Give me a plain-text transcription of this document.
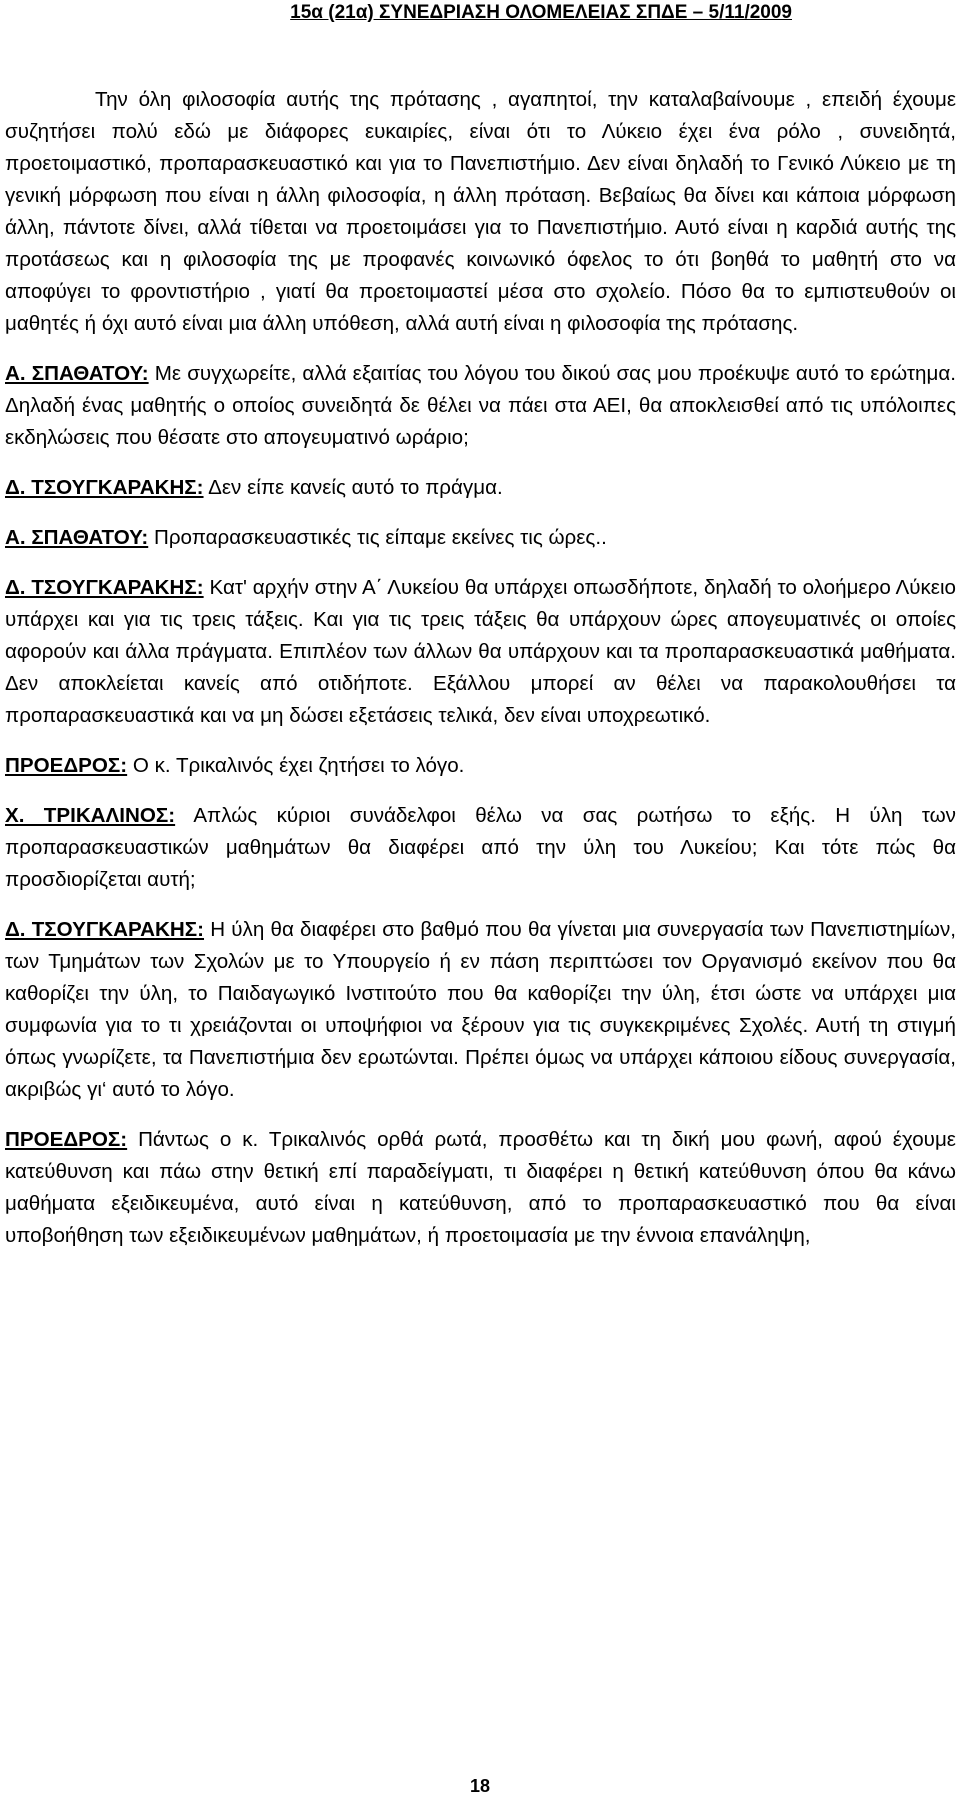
15α (21α) ΣΥΝΕΔΡΙΑΣΗ ΟΛΟΜΕΛΕΙΑΣ ΣΠΔΕ – 5/11/2009

Την όλη φιλοσοφία αυτής της πρότασης , αγαπητοί, την καταλαβαίνουμε , επειδή έχουμε συζητήσει πολύ εδώ με διάφορες ευκαιρίες, είναι ότι το Λύκειο έχει ένα ρόλο , συνειδητά, προετοιμαστικό, προπαρασκευαστικό και για το Πανεπιστήμιο. Δεν είναι δηλαδή το Γενικό Λύκειο με τη γενική μόρφωση που είναι η άλλη φιλοσοφία, η άλλη πρόταση. Βεβαίως θα δίνει και κάποια μόρφωση άλλη, πάντοτε δίνει, αλλά τίθεται να προετοιμάσει για το Πανεπιστήμιο. Αυτό είναι η καρδιά αυτής της προτάσεως και η φιλοσοφία της με προφανές κοινωνικό όφελος το ότι βοηθά το μαθητή στο να αποφύγει το φροντιστήριο , γιατί θα προετοιμαστεί μέσα στο σχολείο. Πόσο θα το εμπιστευθούν οι μαθητές ή όχι αυτό είναι μια άλλη υπόθεση, αλλά αυτή είναι η φιλοσοφία της πρότασης.

Α. ΣΠΑΘΑΤΟΥ: Με συγχωρείτε, αλλά εξαιτίας του λόγου του δικού σας μου προέκυψε αυτό το ερώτημα. Δηλαδή ένας μαθητής ο οποίος συνειδητά δε θέλει να πάει στα ΑΕΙ, θα αποκλεισθεί από τις υπόλοιπες εκδηλώσεις που θέσατε στο απογευματινό ωράριο;

Δ. ΤΣΟΥΓΚΑΡΑΚΗΣ: Δεν είπε κανείς αυτό το πράγμα.

Α. ΣΠΑΘΑΤΟΥ: Προπαρασκευαστικές τις είπαμε εκείνες τις ώρες..

Δ. ΤΣΟΥΓΚΑΡΑΚΗΣ: Κατ' αρχήν στην Α΄ Λυκείου θα υπάρχει οπωσδήποτε, δηλαδή το ολοήμερο Λύκειο υπάρχει και για τις τρεις τάξεις. Και για τις τρεις τάξεις θα υπάρχουν ώρες απογευματινές οι οποίες αφορούν και άλλα πράγματα. Επιπλέον των άλλων θα υπάρχουν και τα προπαρασκευαστικά μαθήματα. Δεν αποκλείεται κανείς από οτιδήποτε. Εξάλλου μπορεί αν θέλει να παρακολουθήσει τα προπαρασκευαστικά και να μη δώσει εξετάσεις τελικά, δεν είναι υποχρεωτικό.

ΠΡΟΕΔΡΟΣ: Ο κ. Τρικαλινός έχει ζητήσει το λόγο.

Χ. ΤΡΙΚΑΛΙΝΟΣ: Απλώς κύριοι συνάδελφοι θέλω να σας ρωτήσω το εξής. Η ύλη των προπαρασκευαστικών μαθημάτων θα διαφέρει από την ύλη του Λυκείου; Και τότε πώς θα προσδιορίζεται αυτή;

Δ. ΤΣΟΥΓΚΑΡΑΚΗΣ: Η ύλη θα διαφέρει στο βαθμό που θα γίνεται μια συνεργασία των Πανεπιστημίων, των Τμημάτων των Σχολών με το Υπουργείο ή εν πάση περιπτώσει τον Οργανισμό εκείνον που θα καθορίζει την ύλη, το Παιδαγωγικό Ινστιτούτο που θα καθορίζει την ύλη, έτσι ώστε να υπάρχει μια συμφωνία για το τι χρειάζονται οι υποψήφιοι να ξέρουν για τις συγκεκριμένες Σχολές. Αυτή τη στιγμή όπως γνωρίζετε, τα Πανεπιστήμια δεν ερωτώνται. Πρέπει όμως να υπάρχει κάποιου είδους συνεργασία, ακριβώς γι‘ αυτό το λόγο.

ΠΡΟΕΔΡΟΣ: Πάντως ο κ. Τρικαλινός ορθά ρωτά, προσθέτω και τη δική μου φωνή, αφού έχουμε κατεύθυνση και πάω στην θετική επί παραδείγματι, τι διαφέρει η θετική κατεύθυνση όπου θα κάνω μαθήματα εξειδικευμένα, αυτό είναι η κατεύθυνση, από το προπαρασκευαστικό που θα είναι υποβοήθηση των εξειδικευμένων μαθημάτων, ή προετοιμασία με την έννοια επανάληψη,

18
